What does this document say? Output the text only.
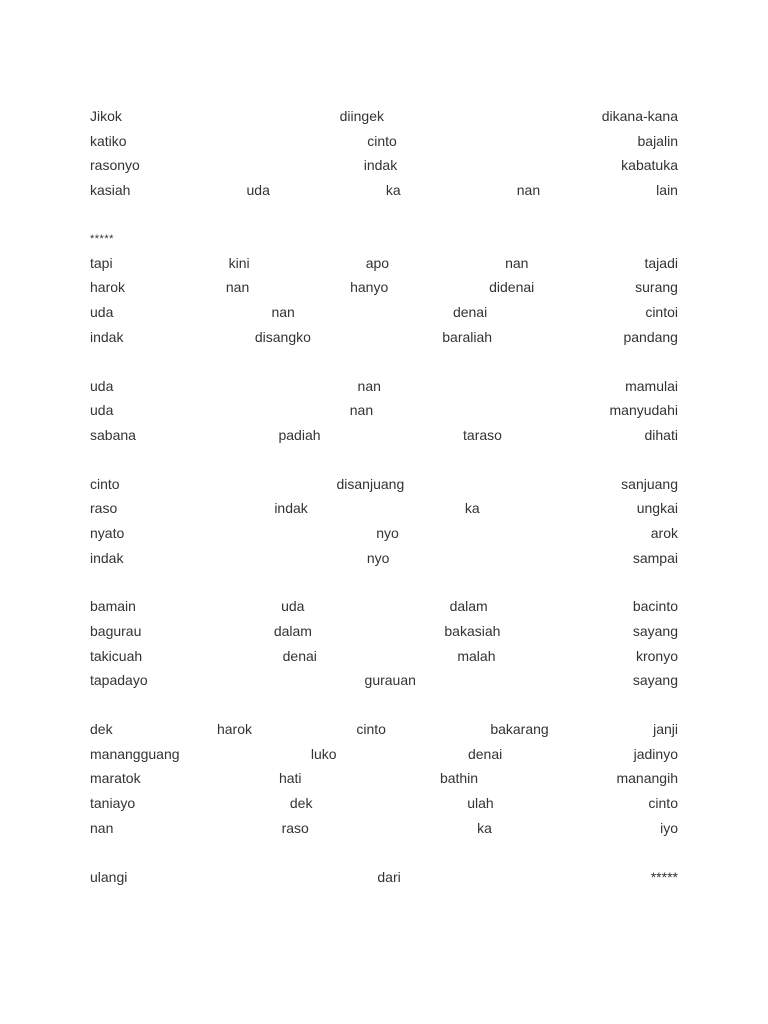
Jikok	diingek	dikana-kana
katiko	cinto	bajalin
rasonyo	indak	kabatuka
kasiah	uda	ka	nan	lain
*****
tapi	kini	apo	nan	tajadi
harok	nan	hanyo	didenai	surang
uda	nan	denai	cintoi
indak	disangko	baraliah	pandang
uda	nan	mamulai
uda	nan	manyudahi
sabana	padiah	taraso	dihati
cinto	disanjuang	sanjuang
raso	indak	ka	ungkai
nyato	nyo	arok
indak	nyo	sampai
bamain	uda	dalam	bacinto
bagurau	dalam	bakasiah	sayang
takicuah	denai	malah	kronyo
tapadayo	gurauan	sayang
dek	harok	cinto	bakarang	janji
manangguang	luko	denai	jadinyo
maratok	hati	bathin	manangih
taniayo	dek	ulah	cinto
nan	raso	ka	iyo
ulangi	dari	*****
